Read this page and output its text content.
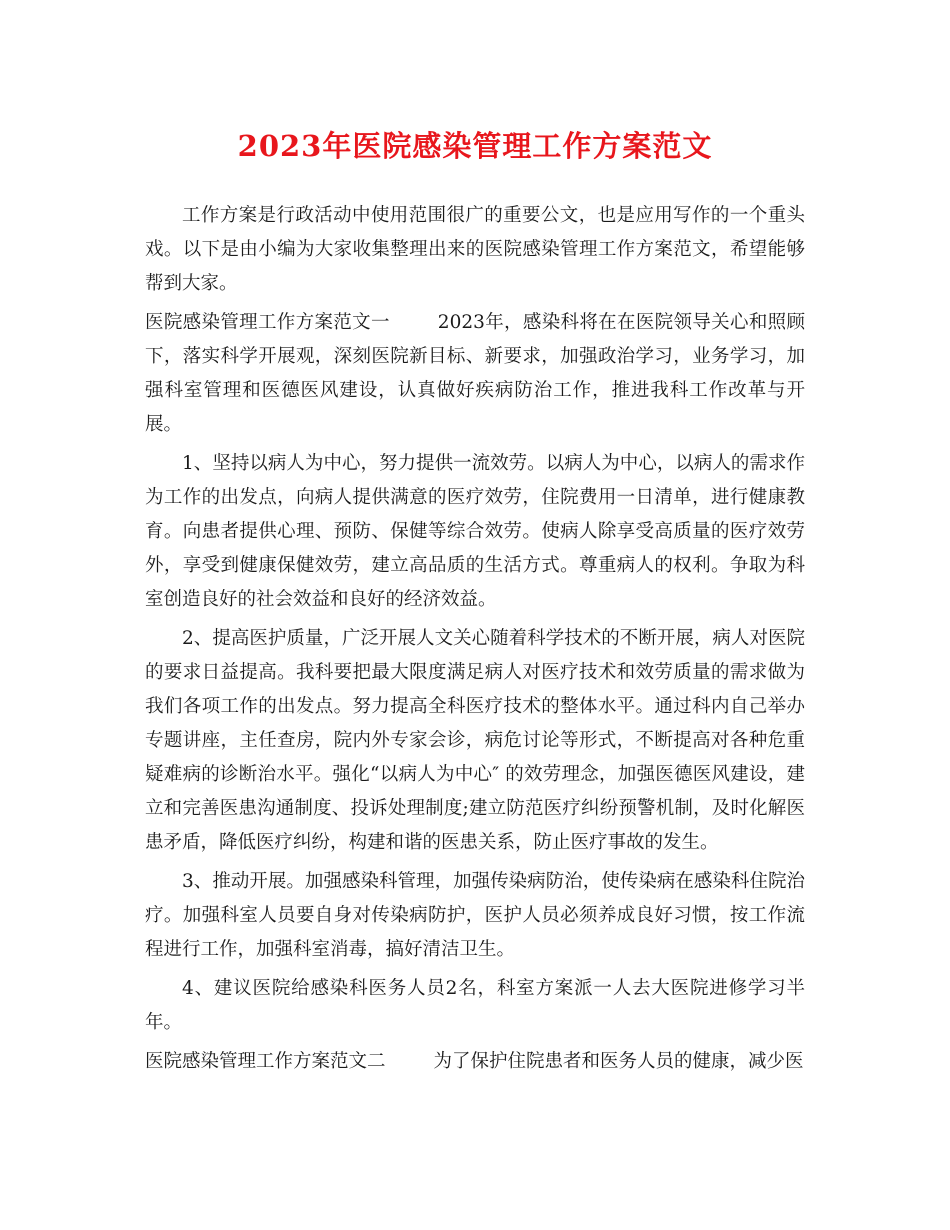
2023年医院感染管理工作方案范文

工作方案是行政活动中使用范围很广的重要公文，也是应用写作的一个重头戏。以下是由小编为大家收集整理出来的医院感染管理工作方案范文，希望能够帮到大家。

医院感染管理工作方案范文一	2023年，感染科将在在医院领导关心和照顾下，落实科学开展观，深刻医院新目标、新要求，加强政治学习，业务学习，加强科室管理和医德医风建设，认真做好疾病防治工作，推进我科工作改革与开展。

1、坚持以病人为中心，努力提供一流效劳。以病人为中心，以病人的需求作为工作的出发点，向病人提供满意的医疗效劳，住院费用一日清单，进行健康教育。向患者提供心理、预防、保健等综合效劳。使病人除享受高质量的医疗效劳外，享受到健康保健效劳，建立高品质的生活方式。尊重病人的权利。争取为科室创造良好的社会效益和良好的经济效益。

2、提高医护质量，广泛开展人文关心随着科学技术的不断开展，病人对医院的要求日益提高。我科要把最大限度满足病人对医疗技术和效劳质量的需求做为我们各项工作的出发点。努力提高全科医疗技术的整体水平。通过科内自己举办专题讲座，主任查房，院内外专家会诊，病危讨论等形式，不断提高对各种危重疑难病的诊断治水平。强化“以病人为中心″ 的效劳理念，加强医德医风建设，建立和完善医患沟通制度、投诉处理制度;建立防范医疗纠纷预警机制，及时化解医患矛盾，降低医疗纠纷，构建和谐的医患关系，防止医疗事故的发生。

3、推动开展。加强感染科管理，加强传染病防治，使传染病在感染科住院治疗。加强科室人员要自身对传染病防护，医护人员必须养成良好习惯，按工作流程进行工作，加强科室消毒，搞好清洁卫生。

4、建议医院给感染科医务人员2名，科室方案派一人去大医院进修学习半年。

医院感染管理工作方案范文二	为了保护住院患者和医务人员的健康，减少医
